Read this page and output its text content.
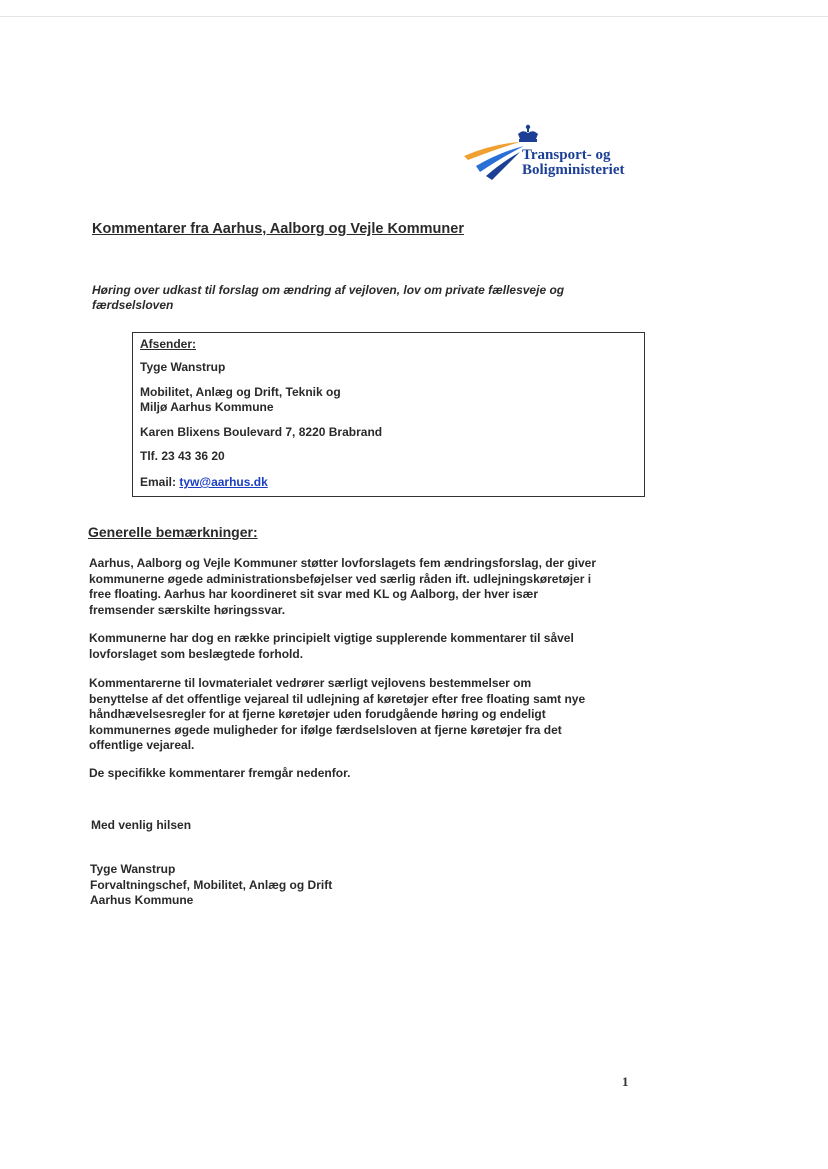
Transport- og
Boligministeriet
Kommentarer fra Aarhus, Aalborg og Vejle Kommuner
Høring over udkast til forslag om ændring af vejloven, lov om private fællesveje og færdselsloven
Afsender:
Tyge Wanstrup
Mobilitet, Anlæg og Drift, Teknik og
Miljø Aarhus Kommune
Karen Blixens Boulevard 7, 8220 Brabrand
Tlf. 23 43 36 20
Email: tyw@aarhus.dk
Generelle bemærkninger:

Aarhus, Aalborg og Vejle Kommuner støtter lovforslagets fem ændringsforslag, der giver
kommunerne øgede administrationsbeføjelser ved særlig råden ift. udlejningskøretøjer i
free floating. Aarhus har koordineret sit svar med KL og Aalborg, der hver især
fremsender særskilte høringssvar.

Kommunerne har dog en række principielt vigtige supplerende kommentarer til såvel
lovforslaget som beslægtede forhold.

Kommentarerne til lovmaterialet vedrører særligt vejlovens bestemmelser om
benyttelse af det offentlige vejareal til udlejning af køretøjer efter free floating samt nye
håndhævelsesregler for at fjerne køretøjer uden forudgående høring og endeligt
kommunernes øgede muligheder for ifølge færdselsloven at fjerne køretøjer fra det
offentlige vejareal.

De specifikke kommentarer fremgår nedenfor.

Med venlig hilsen
Tyge Wanstrup
Forvaltningschef, Mobilitet, Anlæg og Drift
Aarhus Kommune
1
